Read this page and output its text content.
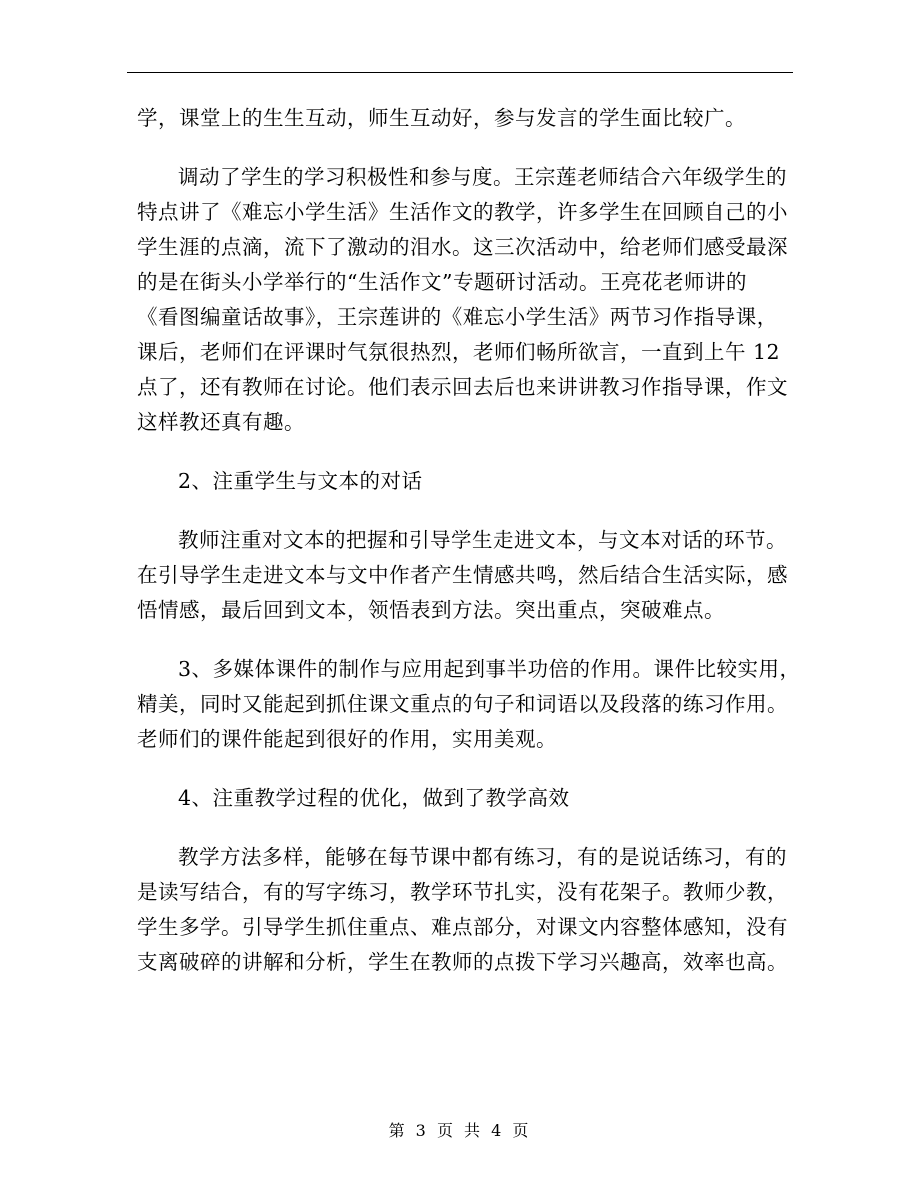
学，课堂上的生生互动，师生互动好，参与发言的学生面比较广。

调动了学生的学习积极性和参与度。王宗莲老师结合六年级学生的
特点讲了《难忘小学生活》生活作文的教学，许多学生在回顾自己的小
学生涯的点滴，流下了激动的泪水。这三次活动中，给老师们感受最深
的是在街头小学举行的“生活作文”专题研讨活动。王亮花老师讲的
《看图编童话故事》，王宗莲讲的《难忘小学生活》两节习作指导课，
课后，老师们在评课时气氛很热烈，老师们畅所欲言，一直到上午 12
点了，还有教师在讨论。他们表示回去后也来讲讲教习作指导课，作文
这样教还真有趣。

2、注重学生与文本的对话

教师注重对文本的把握和引导学生走进文本，与文本对话的环节。
在引导学生走进文本与文中作者产生情感共鸣，然后结合生活实际，感
悟情感，最后回到文本，领悟表到方法。突出重点，突破难点。

3、多媒体课件的制作与应用起到事半功倍的作用。课件比较实用，
精美，同时又能起到抓住课文重点的句子和词语以及段落的练习作用。
老师们的课件能起到很好的作用，实用美观。

4、注重教学过程的优化，做到了教学高效

教学方法多样，能够在每节课中都有练习，有的是说话练习，有的
是读写结合，有的写字练习，教学环节扎实，没有花架子。教师少教，
学生多学。引导学生抓住重点、难点部分，对课文内容整体感知，没有
支离破碎的讲解和分析，学生在教师的点拨下学习兴趣高，效率也高。

第 3 页 共 4 页
